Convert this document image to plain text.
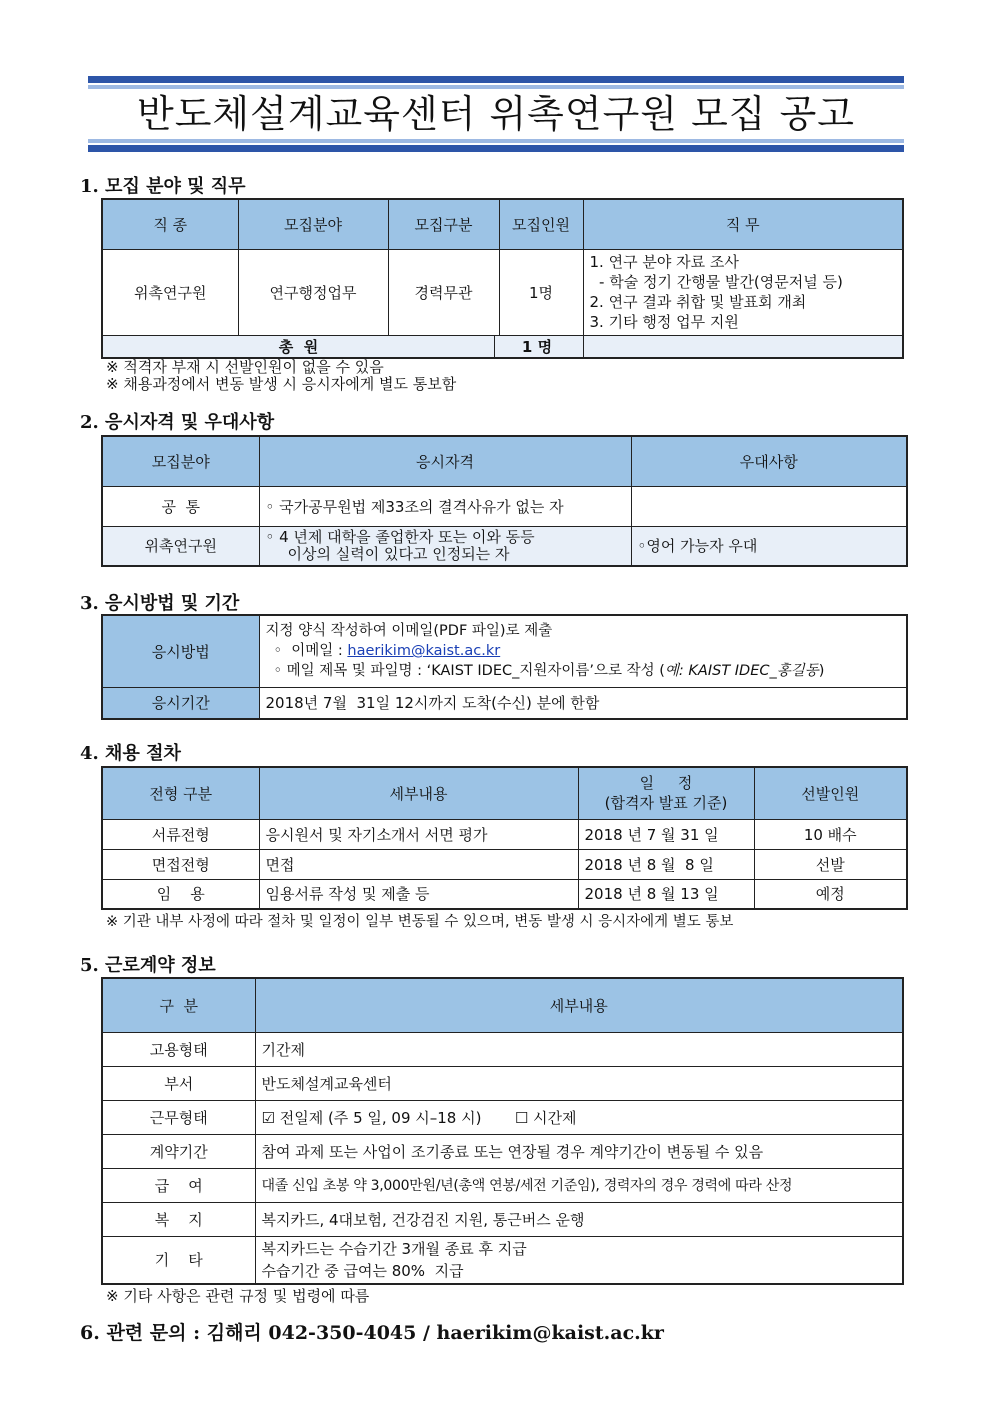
반도체설계교육센터 위촉연구원 모집 공고
1. 모집 분야 및 직무
직 종	모집분야	모집구분	모집인원	직 무
위촉연구원	연구행정업무	경력무관	1명	1. 연구 분야 자료 조사
- 학술 정기 간행물 발간(영문저널 등)
2. 연구 결과 취합 및 발표회 개최
3. 기타 행정 업무 지원

총  원 1 명				
※ 적격자 부재 시 선발인원이 없을 수 있음
※ 채용과정에서 변동 발생 시 응시자에게 별도 통보함
2. 응시자격 및 우대사항
모집분야	응시자격	우대사항
공  통	◦ 국가공무원법 제33조의 결격사유가 없는 자	
위촉연구원	◦ 4 년제 대학을 졸업한자 또는 이와 동등
이상의 실력이 있다고 인정되는 자	◦영어 가능자 우대
3. 응시방법 및 기간
응시방법	지정 양식 작성하여 이메일(PDF 파일)로 제출
◦  이메일 : haerikim@kaist.ac.kr
◦ 메일 제목 및 파일명 : ‘KAIST IDEC_지원자이름’으로 작성 (예: KAIST IDEC_홍길동)

응시기간	2018년 7월  31일 12시까지 도착(수신) 분에 한함
4. 채용 절차
전형 구분	세부내용	일     정
(합격자 발표 기준)	선발인원
서류전형	응시원서 및 자기소개서 서면 평가	2018 년 7 월 31 일	10 배수
면접전형	면접	2018 년 8 월  8 일	선발
임    용	임용서류 작성 및 제출 등	2018 년 8 월 13 일	예정
※ 기관 내부 사정에 따라 절차 및 일정이 일부 변동될 수 있으며, 변동 발생 시 응시자에게 별도 통보
5. 근로계약 정보
구  분	세부내용
고용형태	기간제
부서	반도체설계교육센터
근무형태	☑ 전일제 (주 5 일, 09 시–18 시)       ☐ 시간제
계약기간	참여 과제 또는 사업이 조기종료 또는 연장될 경우 계약기간이 변동될 수 있음
급    여	대졸 신입 초봉 약 3,000만원/년(총액 연봉/세전 기준임), 경력자의 경우 경력에 따라 산정
복    지	복지카드, 4대보험, 건강검진 지원, 통근버스 운행
기    타	복지카드는 수습기간 3개월 종료 후 지급
수습기간 중 급여는 80%  지급
※ 기타 사항은 관련 규정 및 법령에 따름
6. 관련 문의 : 김해리 042-350-4045 / haerikim@kaist.ac.kr
